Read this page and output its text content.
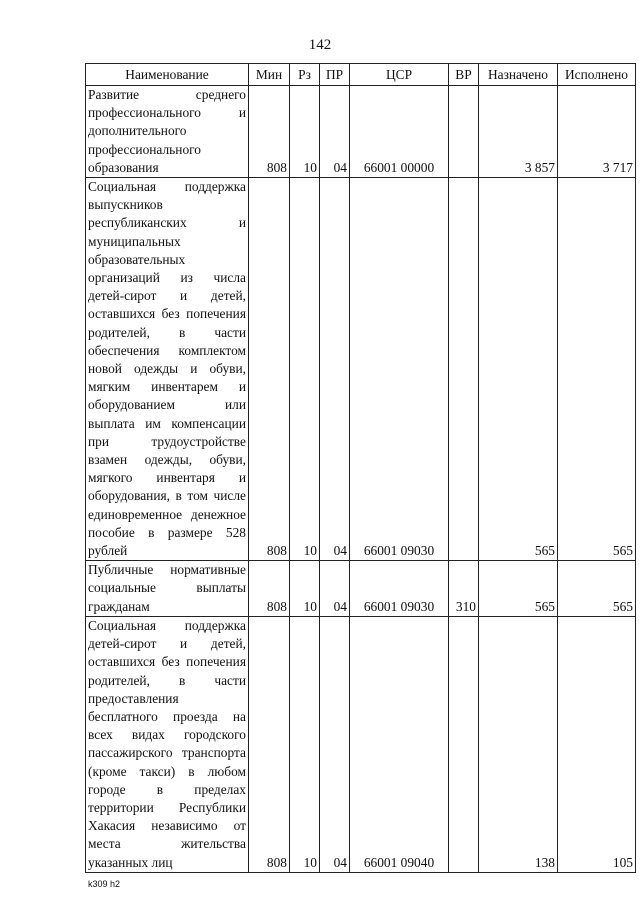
142
Наименование	Мин	Рз	ПР	ЦСР	ВР	Назначено	Исполнено
Развитие среднего профессионального и дополнительного профессионального образования	808	10	04	66001 00000		3 857	3 717
Социальная поддержка выпускников республиканских и муниципальных образовательных организаций из числа детей-сирот и детей, оставшихся без попечения родителей, в части обеспечения комплектом новой одежды и обуви, мягким инвентарем и оборудованием или выплата им компенсации при трудоустройстве взамен одежды, обуви, мягкого инвентаря и оборудования, в том числе единовременное денежное пособие в размере 528 рублей	808	10	04	66001 09030		565	565
Публичные нормативные социальные выплаты гражданам	808	10	04	66001 09030	310	565	565
Социальная поддержка детей-сирот и детей, оставшихся без попечения родителей, в части предоставления бесплатного проезда на всех видах городского пассажирского транспорта (кроме такси) в любом городе в пределах территории Республики Хакасия независимо от места жительства указанных лиц	808	10	04	66001 09040		138	105
k309 h2
